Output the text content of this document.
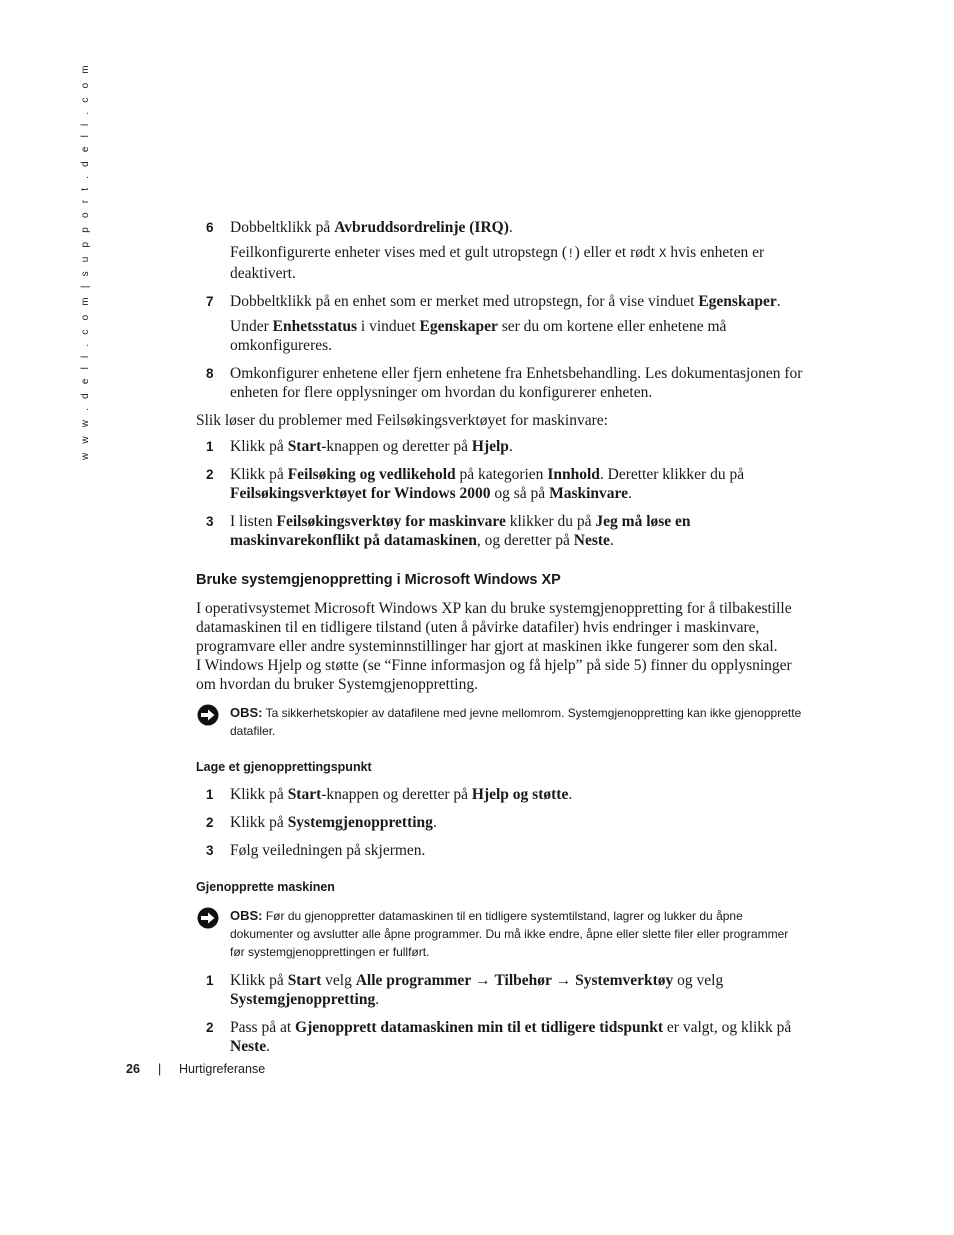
w w w . d e l l . c o m | s u p p o r t . d e l l . c o m	6 Dobbeltklikk på Avbruddsordrelinje (IRQ).

Feilkonfigurerte enheter vises med et gult utropstegn (!) eller et rødt X hvis enheten er deaktivert.

7 Dobbeltklikk på en enhet som er merket med utropstegn, for å vise vinduet Egenskaper.

Under Enhetsstatus i vinduet Egenskaper ser du om kortene eller enhetene må omkonfigureres.

8 Omkonfigurer enhetene eller fjern enhetene fra Enhetsbehandling. Les dokumentasjonen for enheten for flere opplysninger om hvordan du konfigurerer enheten.

Slik løser du problemer med Feilsøkingsverktøyet for maskinvare:

1 Klikk på Start-knappen og deretter på Hjelp.

2 Klikk på Feilsøking og vedlikehold på kategorien Innhold. Deretter klikker du på Feilsøkingsverktøyet for Windows 2000 og så på Maskinvare.

3 I listen Feilsøkingsverktøy for maskinvare klikker du på Jeg må løse en maskinvarekonflikt på datamaskinen, og deretter på Neste.

Bruke systemgjenoppretting i Microsoft Windows XP

I operativsystemet Microsoft Windows XP kan du bruke systemgjenoppretting for å tilbakestille datamaskinen til en tidligere tilstand (uten å påvirke datafiler) hvis endringer i maskinvare, programvare eller andre systeminnstillinger har gjort at maskinen ikke fungerer som den skal.

I Windows Hjelp og støtte (se “Finne informasjon og få hjelp” på side 5) finner du opplysninger om hvordan du bruker Systemgjenoppretting.

OBS: Ta sikkerhetskopier av datafilene med jevne mellomrom. Systemgjenoppretting kan ikke gjenopprette datafiler.
Lage et gjenopprettingspunkt
1 Klikk på Start-knappen og deretter på Hjelp og støtte.

2 Klikk på Systemgjenoppretting.

3 Følg veiledningen på skjermen.

Gjenopprette maskinen
OBS: Før du gjenoppretter datamaskinen til en tidligere systemtilstand, lagrer og lukker du åpne dokumenter og avslutter alle åpne programmer. Du må ikke endre, åpne eller slette filer eller programmer før systemgjenopprettingen er fullført.
1 Klikk på Start velg Alle programmer → Tilbehør → Systemverktøy og velg Systemgjenoppretting.

2 Pass på at Gjenopprett datamaskinen min til et tidligere tidspunkt er valgt, og klikk på Neste.

26 | Hurtigreferanse
